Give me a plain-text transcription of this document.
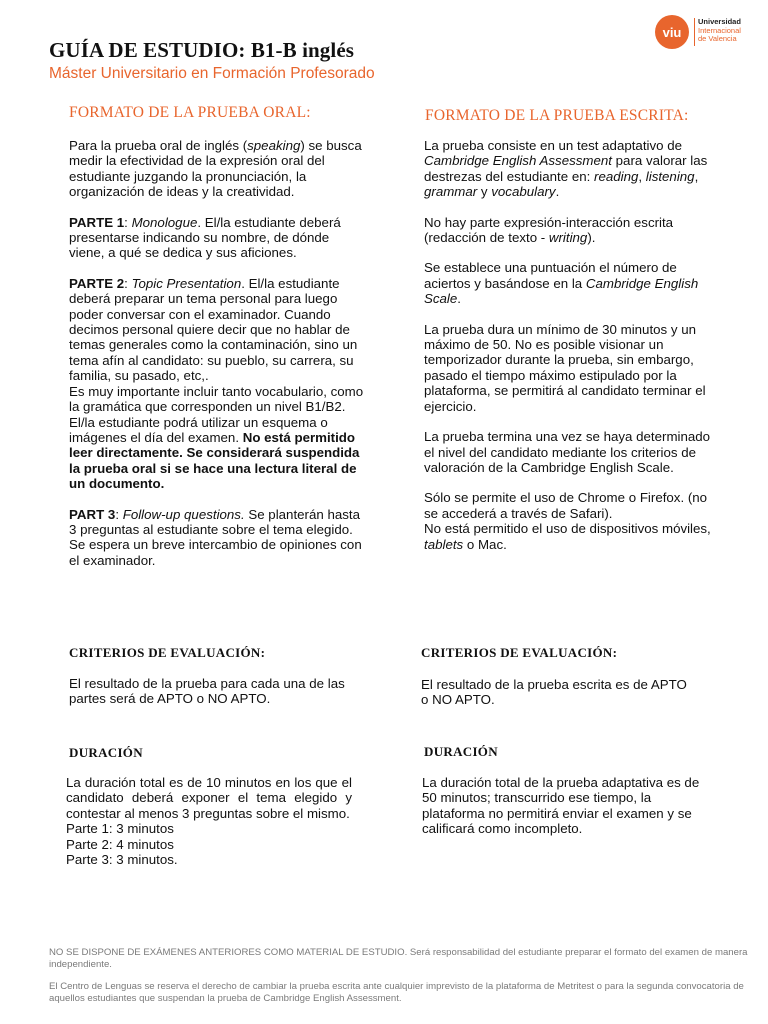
GUÍA DE ESTUDIO: B1-B inglés
Máster Universitario en Formación Profesorado
viu
Universidad
Internacional
de Valencia
FORMATO DE LA PRUEBA ORAL:

Para la prueba oral de inglés (speaking) se busca medir la efectividad de la expresión oral del estudiante juzgando la pronunciación, la organización de ideas y la creatividad.

PARTE 1: Monologue. El/la estudiante deberá presentarse indicando su nombre, de dónde viene, a qué se dedica y sus aficiones.

PARTE 2: Topic Presentation. El/la estudiante deberá preparar un tema personal para luego poder conversar con el examinador. Cuando decimos personal quiere decir que no hablar de temas generales como la contaminación, sino un tema afín al candidato: su pueblo, su carrera, su familia, su pasado, etc,.

Es muy importante incluir tanto vocabulario, como la gramática que corresponden un nivel B1/B2.

El/la estudiante podrá utilizar un esquema o imágenes el día del examen. No está permitido leer directamente. Se considerará suspendida la prueba oral si se hace una lectura literal de un documento.

PART 3: Follow-up questions. Se planterán hasta 3 preguntas al estudiante sobre el tema elegido. Se espera un breve intercambio de opiniones con el examinador.

CRITERIOS DE EVALUACIÓN:
El resultado de la prueba para cada una de las partes será de APTO o NO APTO.
DURACIÓN

La duración total es de 10 minutos en los que el candidato deberá exponer el tema elegido y contestar al menos 3 preguntas sobre el mismo.

Parte 1: 3 minutos

Parte 2: 4 minutos

Parte 3: 3 minutos.

FORMATO DE LA PRUEBA ESCRITA:

La prueba consiste en un test adaptativo de Cambridge English Assessment para valorar las destrezas del estudiante en: reading, listening, grammar y vocabulary.

No hay parte expresión-interacción escrita (redacción de texto - writing).

Se establece una puntuación el número de aciertos y basándose en la Cambridge English Scale.

La prueba dura un mínimo de 30 minutos y un máximo de 50. No es posible visionar un temporizador durante la prueba, sin embargo, pasado el tiempo máximo estipulado por la plataforma, se permitirá al candidato terminar el ejercicio.

La prueba termina una vez se haya determinado el nivel del candidato mediante los criterios de valoración de la Cambridge English Scale.

Sólo se permite el uso de Chrome o Firefox. (no se accederá a través de Safari).
No está permitido el uso de dispositivos móviles, tablets o Mac.

CRITERIOS DE EVALUACIÓN:
El resultado de la prueba escrita es de APTO o NO APTO.
DURACIÓN
La duración total de la prueba adaptativa es de 50 minutos; transcurrido ese tiempo, la plataforma no permitirá enviar el examen y se calificará como incompleto.
NO SE DISPONE DE EXÁMENES ANTERIORES COMO MATERIAL DE ESTUDIO. Será responsabilidad del estudiante preparar el formato del examen de manera independiente.
El Centro de Lenguas se reserva el derecho de cambiar la prueba escrita ante cualquier imprevisto de la plataforma de Metritest o para la segunda convocatoria de aquellos estudiantes que suspendan la prueba de Cambridge English Assessment.
